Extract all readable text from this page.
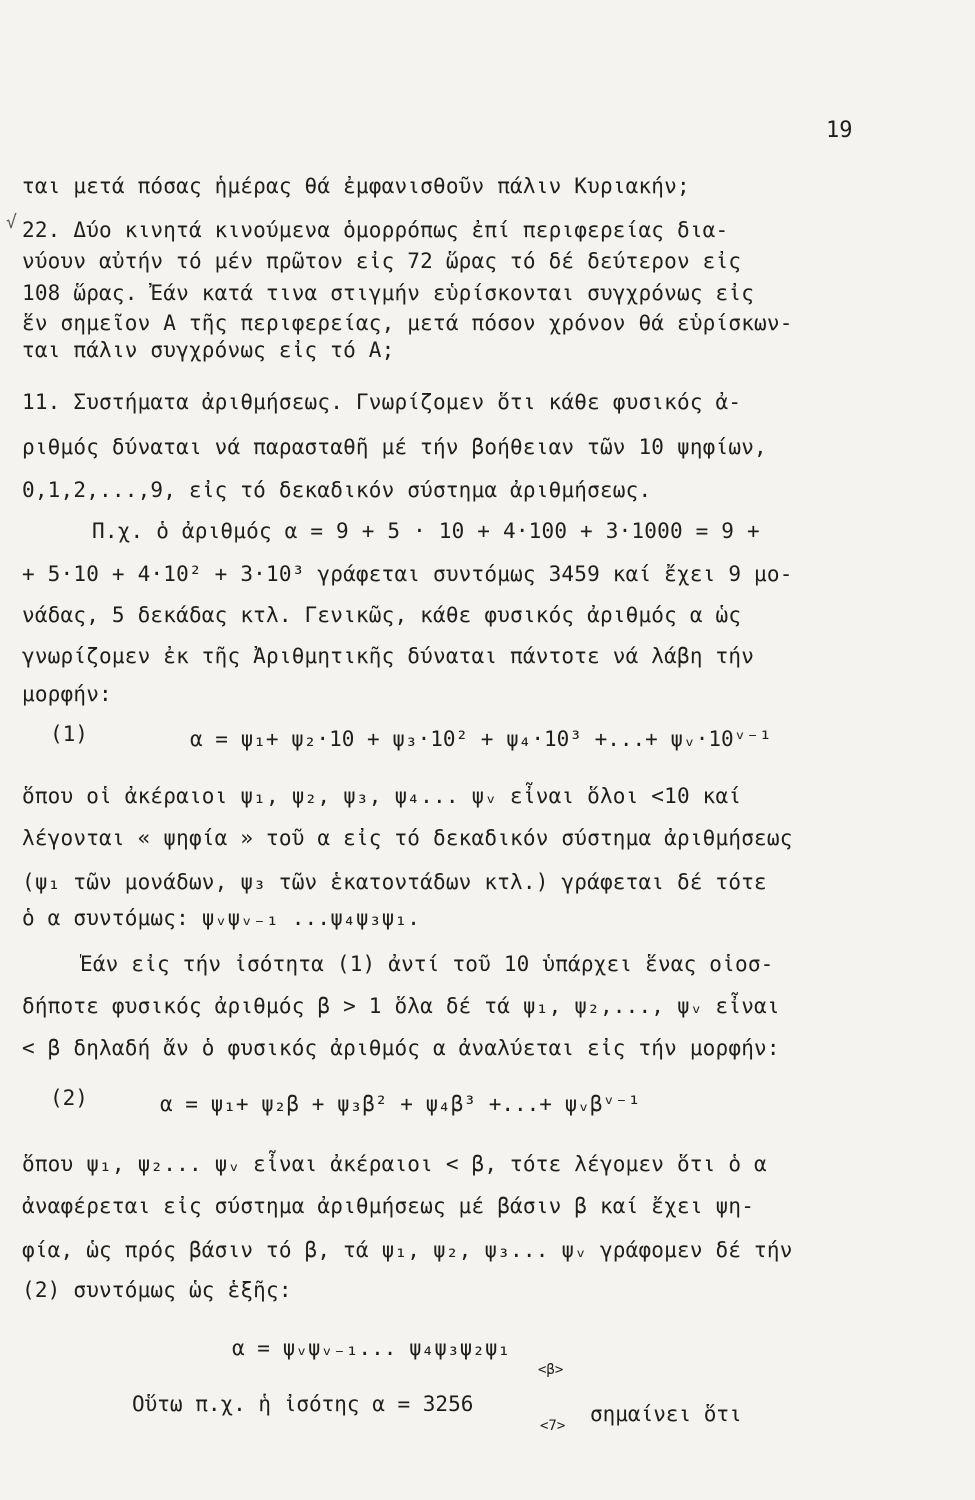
√
19
ται μετά πόσας ἡμέρας θά ἐμφανισθοῦν πάλιν Κυριακήν;
22. Δύο κινητά κινούμενα ὁμορρόπως ἐπί περιφερείας δια-
νύουν αὐτήν τό μέν πρῶτον εἰς 72 ὥρας τό δέ δεύτερον εἰς
108 ὥρας. Ἐάν κατά τινα στιγμήν εὑρίσκονται συγχρόνως εἰς
ἕν σημεῖον Α τῆς περιφερείας, μετά πόσον χρόνον θά εὑρίσκων-
ται πάλιν συγχρόνως εἰς τό Α;
11. Συστήματα ἀριθμήσεως. Γνωρίζομεν ὅτι κάθε φυσικός ἀ-
ριθμός δύναται νά παρασταθῆ μέ τήν βοήθειαν τῶν 10 ψηφίων,
0,1,2,...,9, εἰς τό δεκαδικόν σύστημα ἀριθμήσεως.
Π.χ. ὁ ἀριθμός α = 9 + 5 · 10 + 4·100 + 3·1000 = 9 +
+ 5·10 + 4·10² + 3·10³ γράφεται συντόμως 3459 καί ἔχει 9 μο-
νάδας, 5 δεκάδας κτλ. Γενικῶς, κάθε φυσικός ἀριθμός α ὡς
γνωρίζομεν ἐκ τῆς Ἀριθμητικῆς δύναται πάντοτε νά λάβη τήν
μορφήν:
(1)	α = ψ₁+ ψ₂·10 + ψ₃·10² + ψ₄·10³ +...+ ψᵥ·10ᵛ⁻¹
ὅπου οἱ ἀκέραιοι ψ₁, ψ₂, ψ₃, ψ₄... ψᵥ εἶναι ὅλοι <10 καί
λέγονται « ψηφία » τοῦ α εἰς τό δεκαδικόν σύστημα ἀριθμήσεως
(ψ₁ τῶν μονάδων, ψ₃ τῶν ἑκατοντάδων κτλ.) γράφεται δέ τότε
ὁ α συντόμως: ψᵥψᵥ₋₁ ...ψ₄ψ₃ψ₁.
Ἐάν εἰς τήν ἰσότητα (1) ἀντί τοῦ 10 ὑπάρχει ἕνας οἱοσ-
δήποτε φυσικός ἀριθμός β > 1 ὅλα δέ τά ψ₁, ψ₂,..., ψᵥ εἶναι
< β δηλαδή ἄν ὁ φυσικός ἀριθμός α ἀναλύεται εἰς τήν μορφήν:
(2)	α = ψ₁+ ψ₂β + ψ₃β² + ψ₄β³ +...+ ψᵥβᵛ⁻¹
ὅπου ψ₁, ψ₂... ψᵥ εἶναι ἀκέραιοι < β, τότε λέγομεν ὅτι ὁ α
ἀναφέρεται εἰς σύστημα ἀριθμήσεως μέ βάσιν β καί ἔχει ψη-
φία, ὡς πρός βάσιν τό β, τά ψ₁, ψ₂, ψ₃... ψᵥ γράφομεν δέ τήν
(2) συντόμως ὡς ἑξῆς:
α = ψᵥψᵥ₋₁... ψ₄ψ₃ψ₂ψ₁
<β>
Οὕτω π.χ. ἡ ἰσότης α = 3256
<7> σημαίνει ὅτι
